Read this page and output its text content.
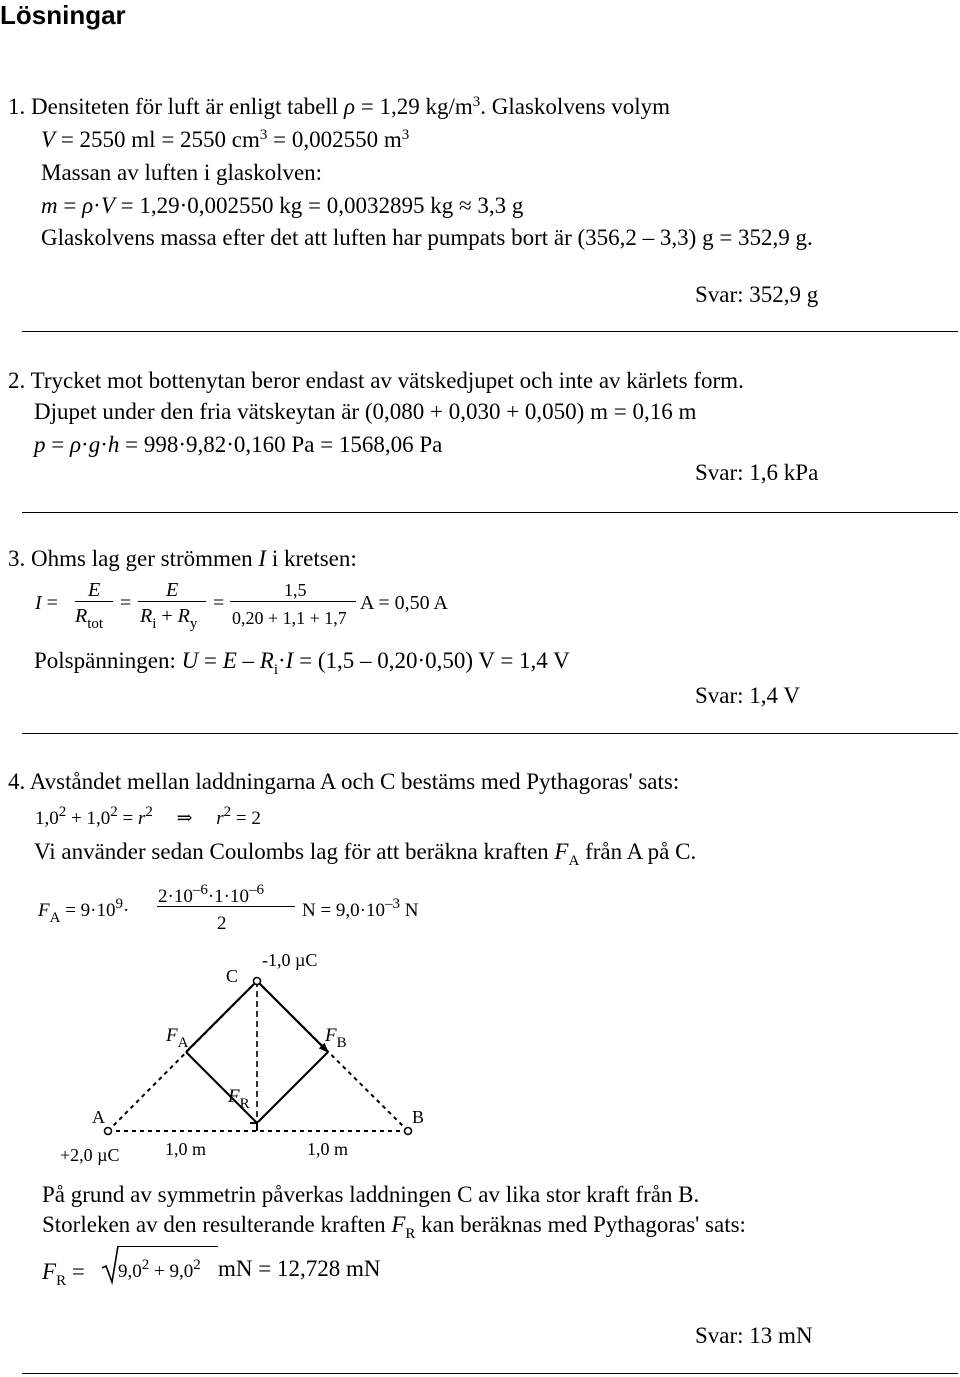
Lösningar
1. Densiteten för luft är enligt tabell ρ = 1,29 $kg/m^3$. Glaskolvens volym
V = 2550 ml = 2550 $cm^3 = 0,002550$ $m^3$
Massan av luften i glaskolven:
m = ρ·V = 1,29·0,002550 kg = 0,0032895 kg ≈ 3,3 g
Glaskolvens massa efter det att luften har pumpats bort är (356,2 – 3,3) g = 352,9 g.
Svar: 352,9 g
2. Trycket mot bottenytan beror endast av vätskedjupet och inte av kärlets form.
Djupet under den fria vätskeytan är (0,080 + 0,030 + 0,050) m = 0,16 m
p = ρ·g·h = 998·9,82·0,160 Pa = 1568,06 Pa
Svar: 1,6 kPa
3. Ohms lag ger strömmen I i kretsen:
I =
E
$R_{tot}$
=
E
$R_i + R_y$
=
1,5
0,20 + 1,1 + 1,7
A = 0,50 A
Polspänningen: $U = E - R_i\cdot I = (1,5 - 0,20\cdot 0,50) V = 1,4$ V
Svar: 1,4 V
4. Avståndet mellan laddningarna A och C bestäms med Pythagoras' sats:
$1,0^2 + 1,0^2 = r^2$ ⇒ $r^2 = 2$
Vi använder sedan Coulombs lag för att beräkna kraften $F_A$ från A på C.
$F_A = 9\cdot 10^9\cdot$
$2\cdot 10^{-6}\cdot 1\cdot 10^{-6}$
2
$N = 9,0\cdot 10^{-3}$ N
-1,0 µC
C
$F_A$	$F_B$
$F_R$
A	B
+2,0 µC	1,0 m	1,0 m
På grund av symmetrin påverkas laddningen C av lika stor kraft från B.
Storleken av den resulterande kraften $F_R$ kan beräknas med Pythagoras' sats:
$F_R = 9,0^2 + 9,0^2$ mN = 12,728 mN
Svar: 13 mN
